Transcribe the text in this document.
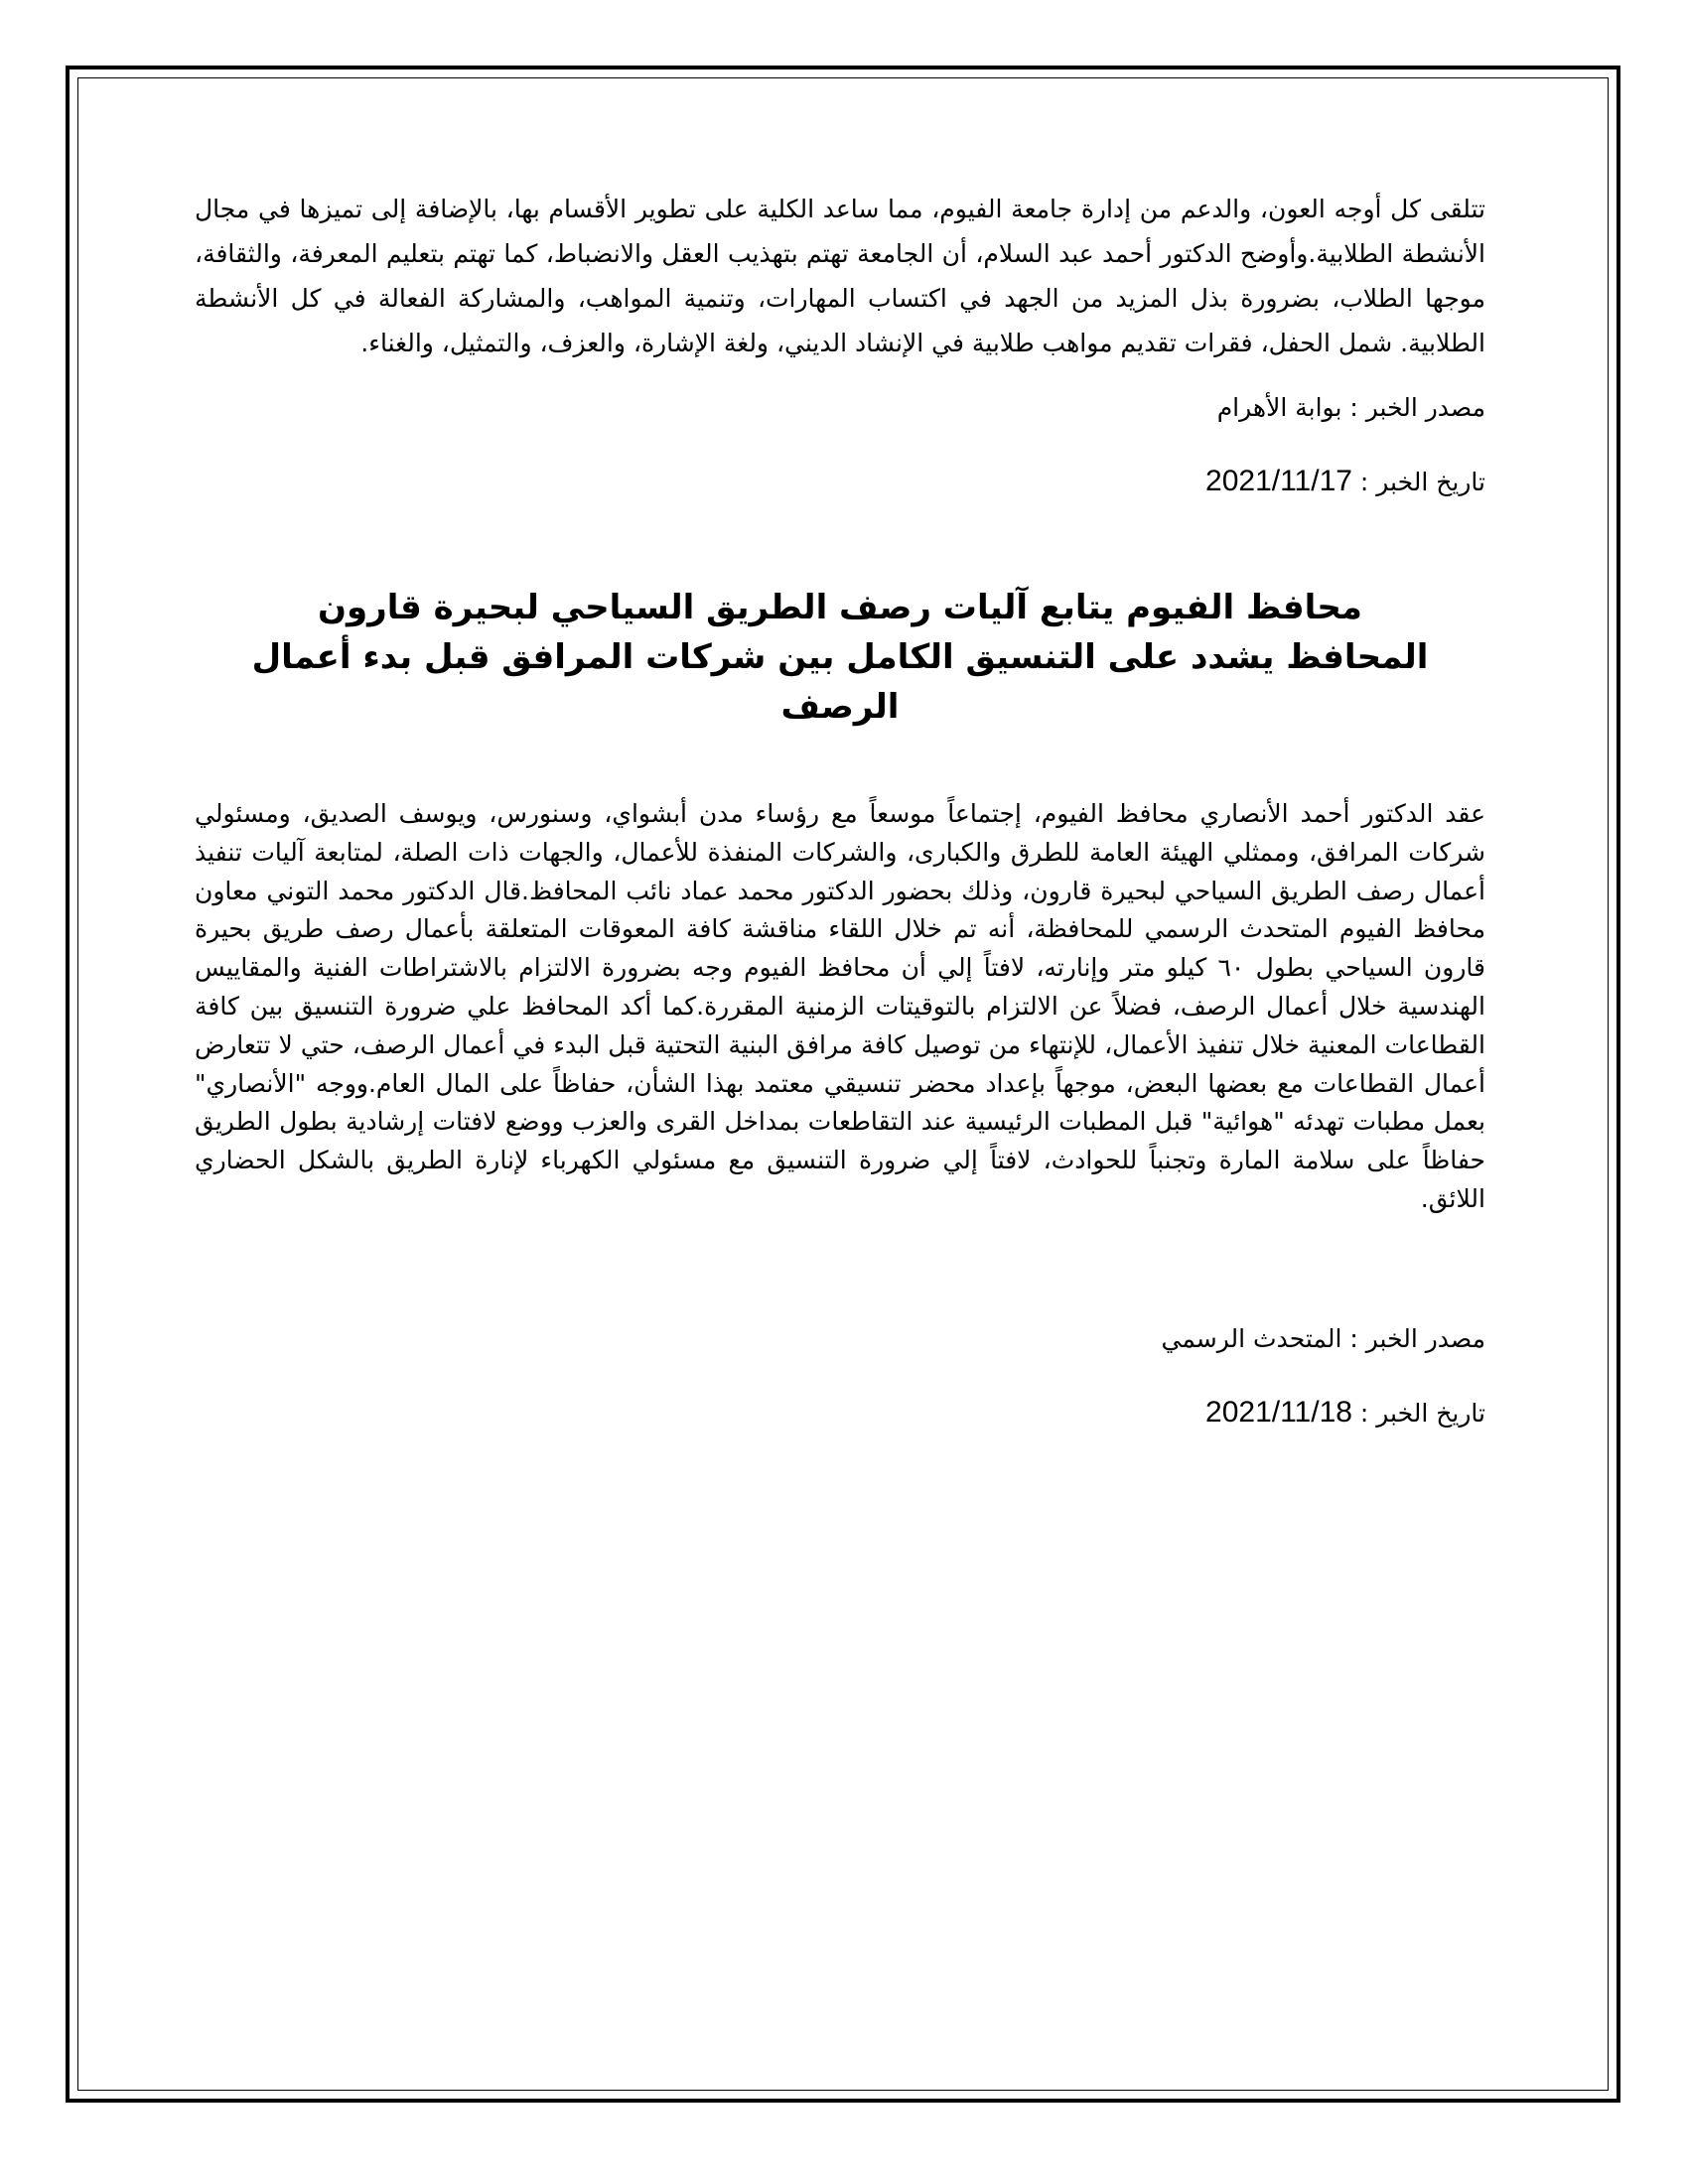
تتلقى كل أوجه العون، والدعم من إدارة جامعة الفيوم، مما ساعد الكلية على تطوير الأقسام بها، بالإضافة إلى تميزها في مجال الأنشطة الطلابية.وأوضح الدكتور أحمد عبد السلام، أن الجامعة تهتم بتهذيب العقل والانضباط، كما تهتم بتعليم المعرفة، والثقافة، موجها الطلاب، بضرورة بذل المزيد من الجهد في اكتساب المهارات، وتنمية المواهب، والمشاركة الفعالة في كل الأنشطة الطلابية. شمل الحفل، فقرات تقديم مواهب طلابية في الإنشاد الديني، ولغة الإشارة، والعزف، والتمثيل، والغناء.

مصدر الخبر : بوابة الأهرام

تاريخ الخبر : 2021/11/17

محافظ الفيوم يتابع آليات رصف الطريق السياحي لبحيرة قارون

المحافظ يشدد على التنسيق الكامل بين شركات المرافق قبل بدء أعمال الرصف

عقد الدكتور أحمد الأنصاري محافظ الفيوم، إجتماعاً موسعاً مع رؤساء مدن أبشواي، وسنورس، ويوسف الصديق، ومسئولي شركات المرافق، وممثلي الهيئة العامة للطرق والكبارى، والشركات المنفذة للأعمال، والجهات ذات الصلة، لمتابعة آليات تنفيذ أعمال رصف الطريق السياحي لبحيرة قارون، وذلك بحضور الدكتور محمد عماد نائب المحافظ.قال الدكتور محمد التوني معاون محافظ الفيوم المتحدث الرسمي للمحافظة، أنه تم خلال اللقاء مناقشة كافة المعوقات المتعلقة بأعمال رصف طريق بحيرة قارون السياحي بطول ٦٠ كيلو متر وإنارته، لافتاً إلي أن محافظ الفيوم وجه بضرورة الالتزام بالاشتراطات الفنية والمقاييس الهندسية خلال أعمال الرصف، فضلاً عن الالتزام بالتوقيتات الزمنية المقررة.كما أكد المحافظ علي ضرورة التنسيق بين كافة القطاعات المعنية خلال تنفيذ الأعمال، للإنتهاء من توصيل كافة مرافق البنية التحتية قبل البدء في أعمال الرصف، حتي لا تتعارض أعمال القطاعات مع بعضها البعض، موجهاً بإعداد محضر تنسيقي معتمد بهذا الشأن، حفاظاً على المال العام.ووجه "الأنصاري" بعمل مطبات تهدئه "هوائية" قبل المطبات الرئيسية عند التقاطعات بمداخل القرى والعزب ووضع لافتات إرشادية بطول الطريق حفاظاً على سلامة المارة وتجنباً للحوادث، لافتاً إلي ضرورة التنسيق مع مسئولي الكهرباء لإنارة الطريق بالشكل الحضاري اللائق.

مصدر الخبر : المتحدث الرسمي

تاريخ الخبر : 2021/11/18
